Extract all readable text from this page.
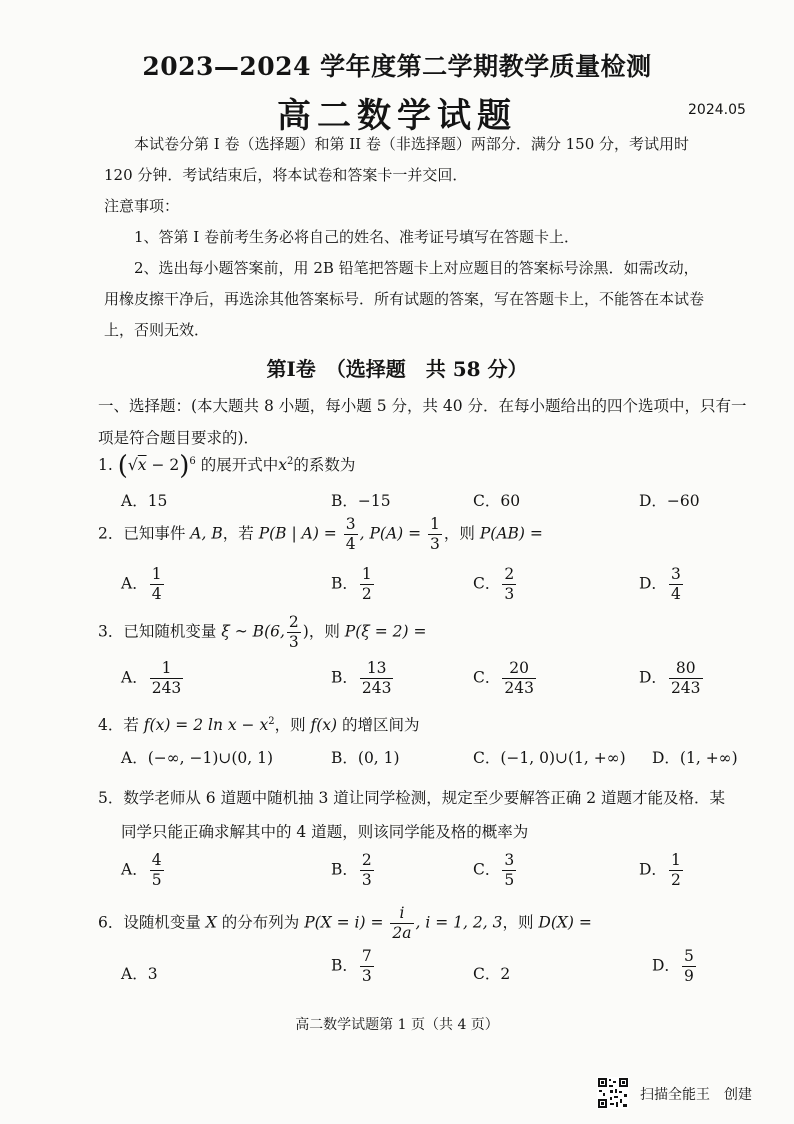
2023—2024 学年度第二学期教学质量检测
高二数学试题	2024.05
本试卷分第 I 卷（选择题）和第 II 卷（非选择题）两部分．满分 150 分，考试用时
120 分钟．考试结束后，将本试卷和答案卡一并交回．
注意事项：
1、答第 I 卷前考生务必将自己的姓名、准考证号填写在答题卡上．
2、选出每小题答案前，用 2B 铅笔把答题卡上对应题目的答案标号涂黑．如需改动，
用橡皮擦干净后，再选涂其他答案标号．所有试题的答案，写在答题卡上，不能答在本试卷
上，否则无效．
第Ⅰ卷　（选择题　共 58 分）
一、选择题：(本大题共 8 小题，每小题 5 分，共 40 分．在每小题给出的四个选项中，只有一
项是符合题目要求的)．
1. $(√x - 2)^6$ 的展开式中$x^2$的系数为
A．15	B．−15	C．60	D．−60
2．已知事件 A, B，若 P(B | $A) = \frac{3}{4}$ , $P(A) = \frac{1}{3}$ ，则 P(AB) =
A． $\frac{1}{4}$	B． $\frac{1}{2}$	C． $\frac{2}{3}$	D． $\frac{3}{4}$
3．已知随机变量 ξ ~ B(6, $\frac{2}{3}$ )，则 P(ξ = 2) =
A． $\frac{1}{243}$	B． $\frac{13}{243}$	C． $\frac{20}{243}$	D． $\frac{80}{243}$
4．若 f(x) = 2 $\ln x - x^2$，则 f(x) 的增区间为
A．(−∞, −1)∪(0, 1)	B．(0, 1)	C．(−1, 0)∪(1, +∞) D．(1, +∞)
5．数学老师从 6 道题中随机抽 3 道让同学检测，规定至少要解答正确 2 道题才能及格．某
同学只能正确求解其中的 4 道题，则该同学能及格的概率为
A． $\frac{4}{5}$	B． $\frac{2}{3}$	C． $\frac{3}{5}$	D． $\frac{1}{2}$
6．设随机变量 X 的分布列为 $P(X = i) = \frac{i}{2a}$ , i = 1, 2, 3，则 D(X) =
A．3	B． $\frac{7}{3}$	C．2	D． $\frac{5}{9}$
高二数学试题第 1 页（共 4 页）
扫描全能王　创建
